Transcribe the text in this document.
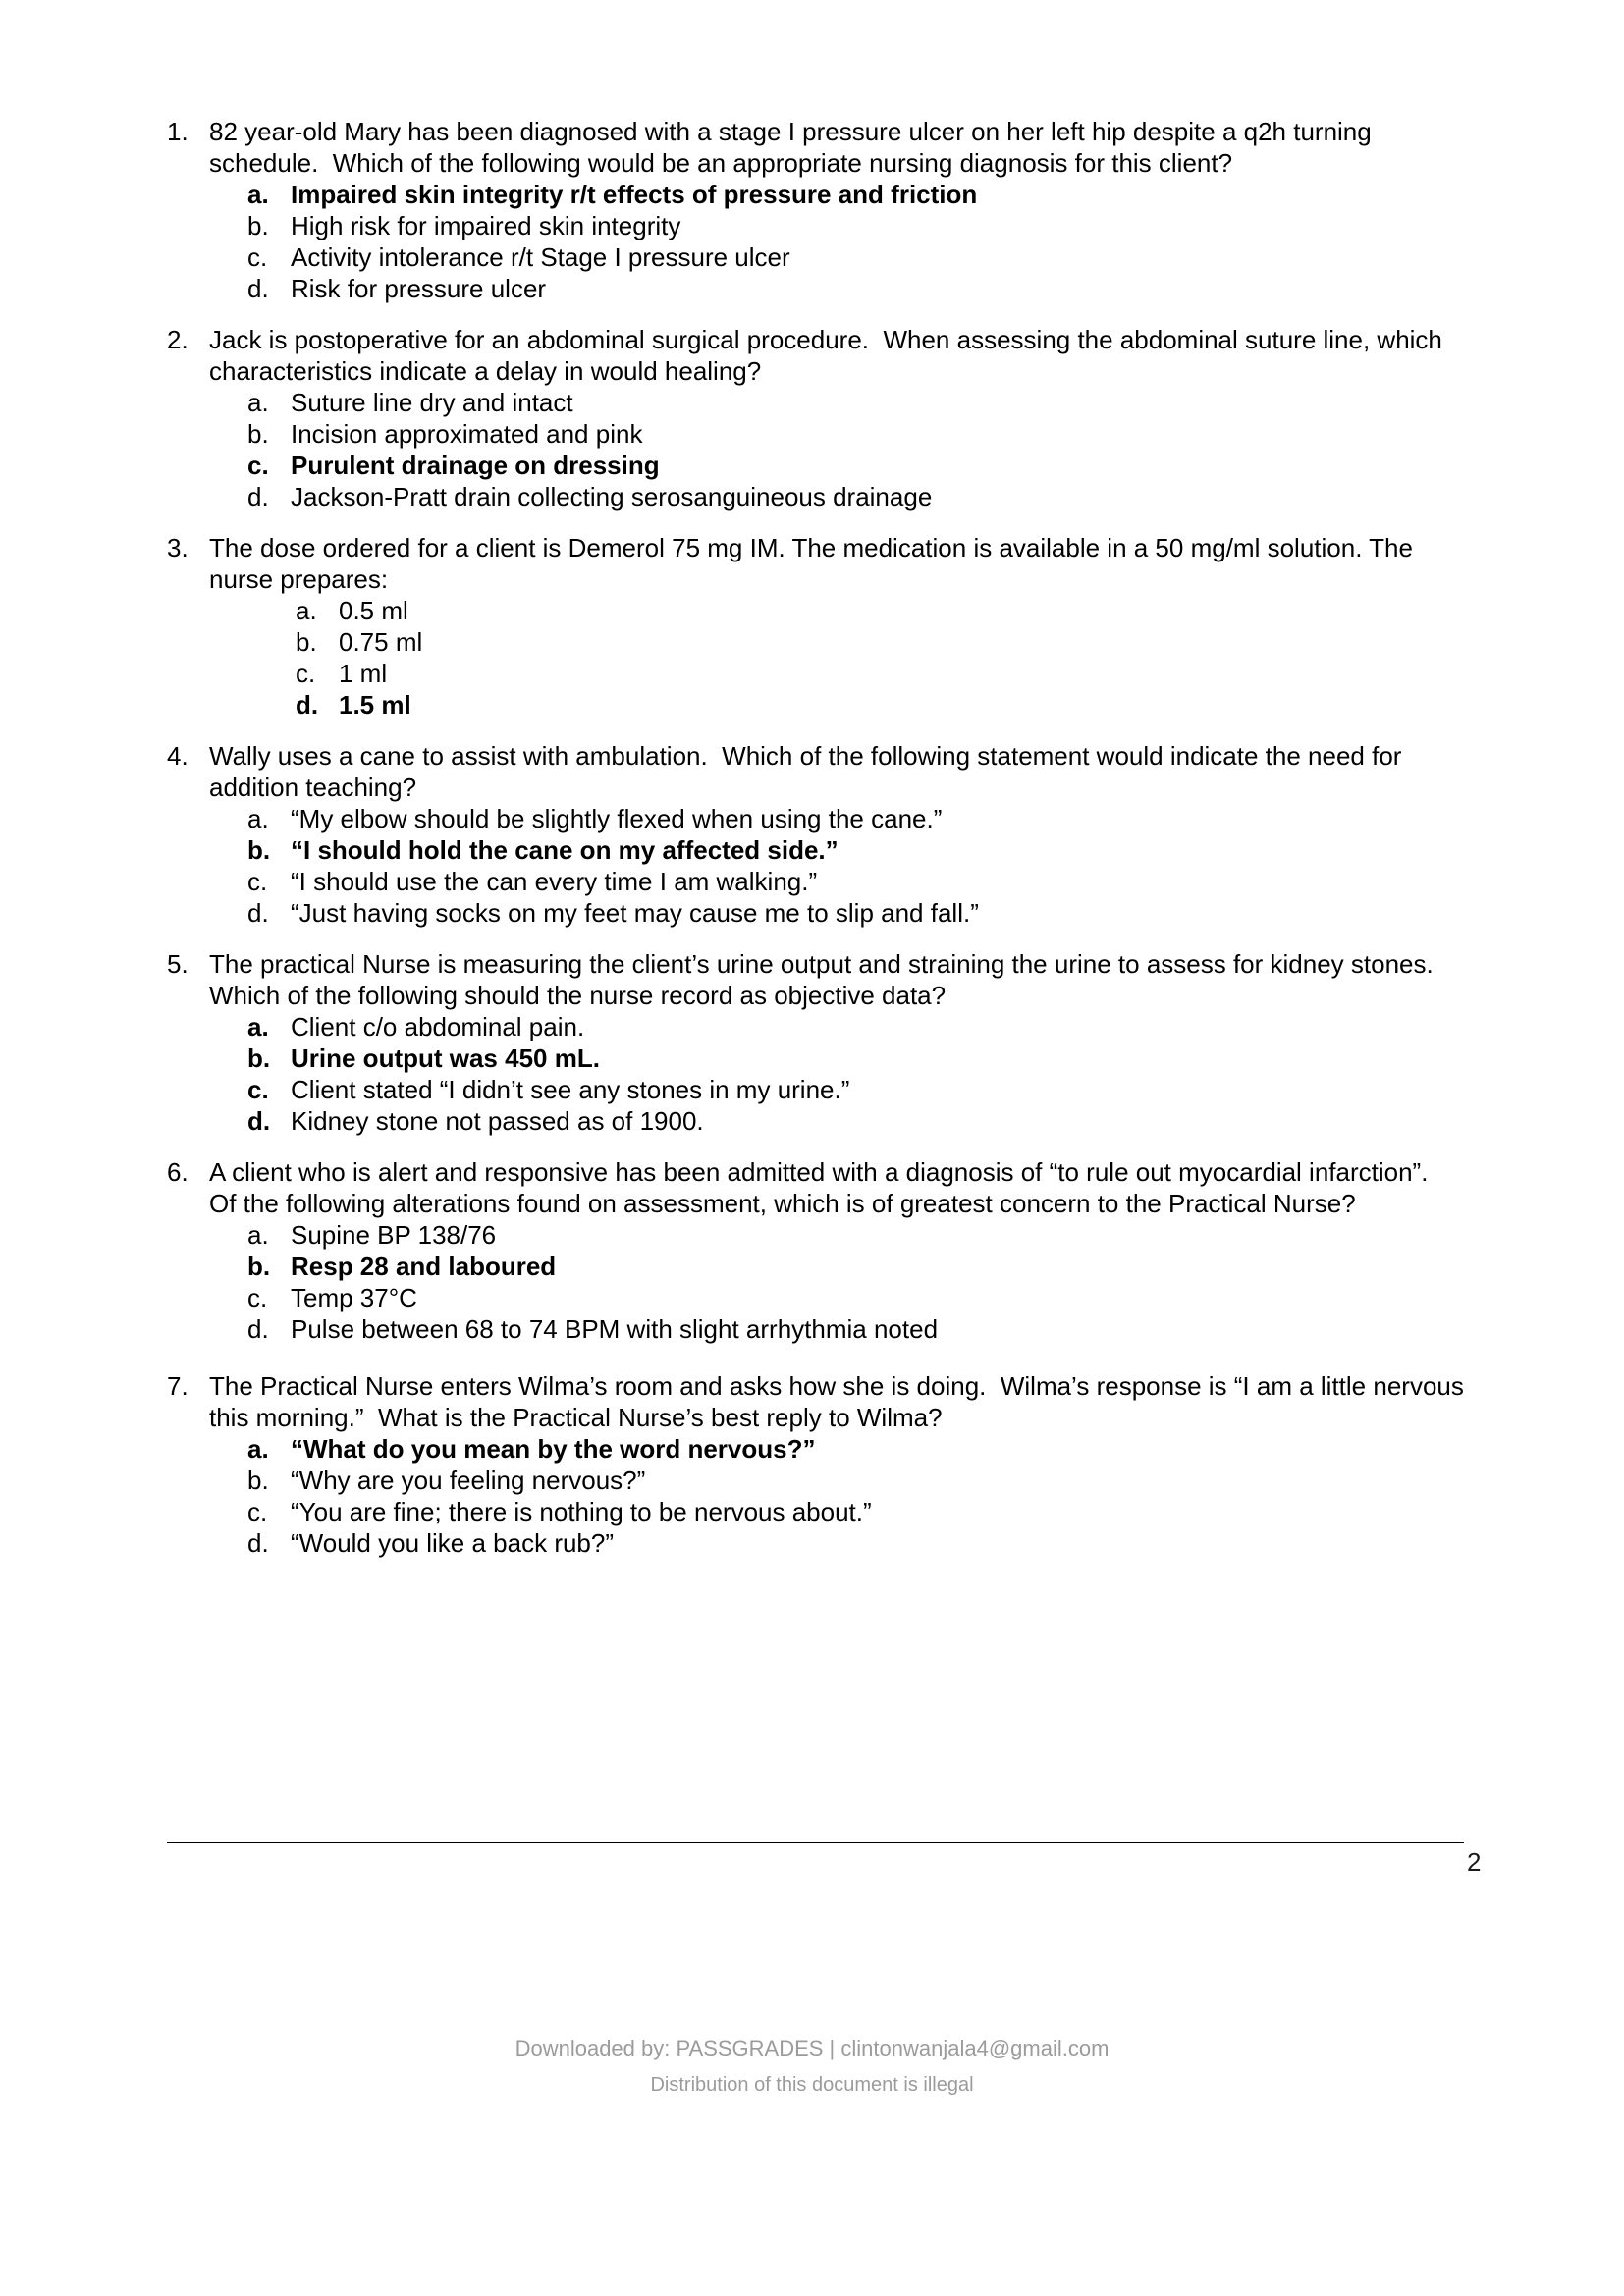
1. 82 year-old Mary has been diagnosed with a stage I pressure ulcer on her left hip despite a q2h turning schedule.  Which of the following would be an appropriate nursing diagnosis for this client?
a. Impaired skin integrity r/t effects of pressure and friction
b. High risk for impaired skin integrity
c. Activity intolerance r/t Stage I pressure ulcer
d. Risk for pressure ulcer
2. Jack is postoperative for an abdominal surgical procedure.  When assessing the abdominal suture line, which characteristics indicate a delay in would healing?
a. Suture line dry and intact
b. Incision approximated and pink
c. Purulent drainage on dressing
d. Jackson-Pratt drain collecting serosanguineous drainage
3. The dose ordered for a client is Demerol 75 mg IM. The medication is available in a 50 mg/ml solution. The nurse prepares:
a. 0.5 ml
b. 0.75 ml
c. 1 ml
d. 1.5 ml
4. Wally uses a cane to assist with ambulation.  Which of the following statement would indicate the need for addition teaching?
a. “My elbow should be slightly flexed when using the cane.”
b. “I should hold the cane on my affected side.”
c. “I should use the can every time I am walking.”
d. “Just having socks on my feet may cause me to slip and fall.”
5. The practical Nurse is measuring the client’s urine output and straining the urine to assess for kidney stones.  Which of the following should the nurse record as objective data?
a. Client c/o abdominal pain.
b. Urine output was 450 mL.
c. Client stated “I didn’t see any stones in my urine.”
d. Kidney stone not passed as of 1900.
6. A client who is alert and responsive has been admitted with a diagnosis of “to rule out myocardial infarction”.  Of the following alterations found on assessment, which is of greatest concern to the Practical Nurse?
a. Supine BP 138/76
b. Resp 28 and laboured
c. Temp 37°C
d. Pulse between 68 to 74 BPM with slight arrhythmia noted
7. The Practical Nurse enters Wilma’s room and asks how she is doing.  Wilma’s response is “I am a little nervous this morning.”  What is the Practical Nurse’s best reply to Wilma?
a. “What do you mean by the word nervous?”
b. “Why are you feeling nervous?”
c. “You are fine; there is nothing to be nervous about.”
d. “Would you like a back rub?”
2
Downloaded by: PASSGRADES | clintonwanjala4@gmail.com
Distribution of this document is illegal
